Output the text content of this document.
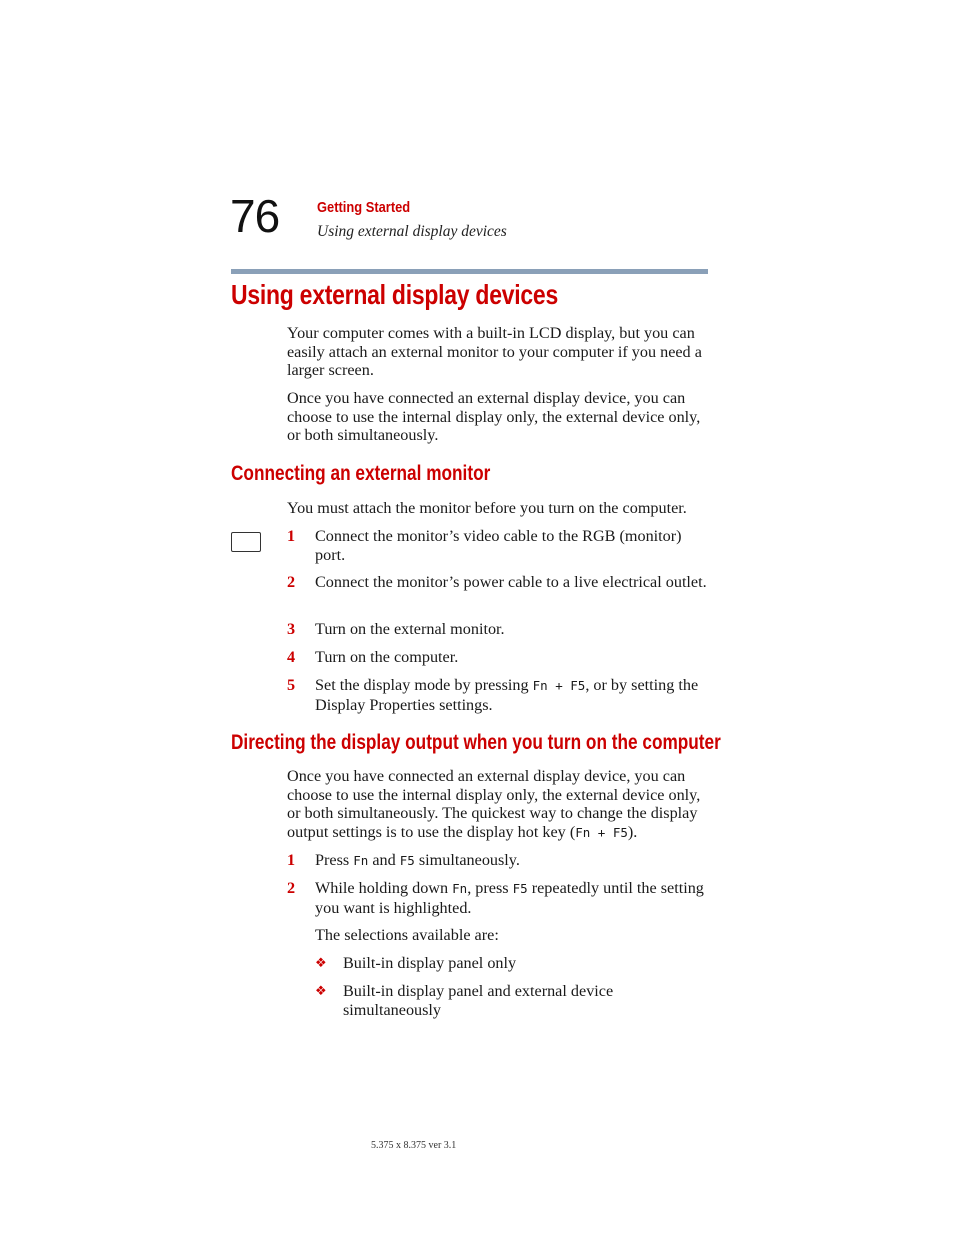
76	Getting Started
Using external display devices
Using external display devices

Your computer comes with a built-in LCD display, but you can easily attach an external monitor to your computer if you need a larger screen.

Once you have connected an external display device, you can choose to use the internal display only, the external device only, or both simultaneously.

Connecting an external monitor

You must attach the monitor before you turn on the computer.

1 Connect the monitor’s video cable to the RGB (monitor) port.
2 Connect the monitor’s power cable to a live electrical outlet.
3 Turn on the external monitor.
4 Turn on the computer.
5 Set the display mode by pressing Fn + F5, or by setting the Display Properties settings.
Directing the display output when you turn on the computer

Once you have connected an external display device, you can choose to use the internal display only, the external device only, or both simultaneously. The quickest way to change the display output settings is to use the display hot key (Fn + F5).

1 Press Fn and F5 simultaneously.
2 While holding down Fn, press F5 repeatedly until the setting you want is highlighted.

The selections available are:

❖ Built-in display panel only
❖ Built-in display panel and external device simultaneously
5.375 x 8.375 ver 3.1
